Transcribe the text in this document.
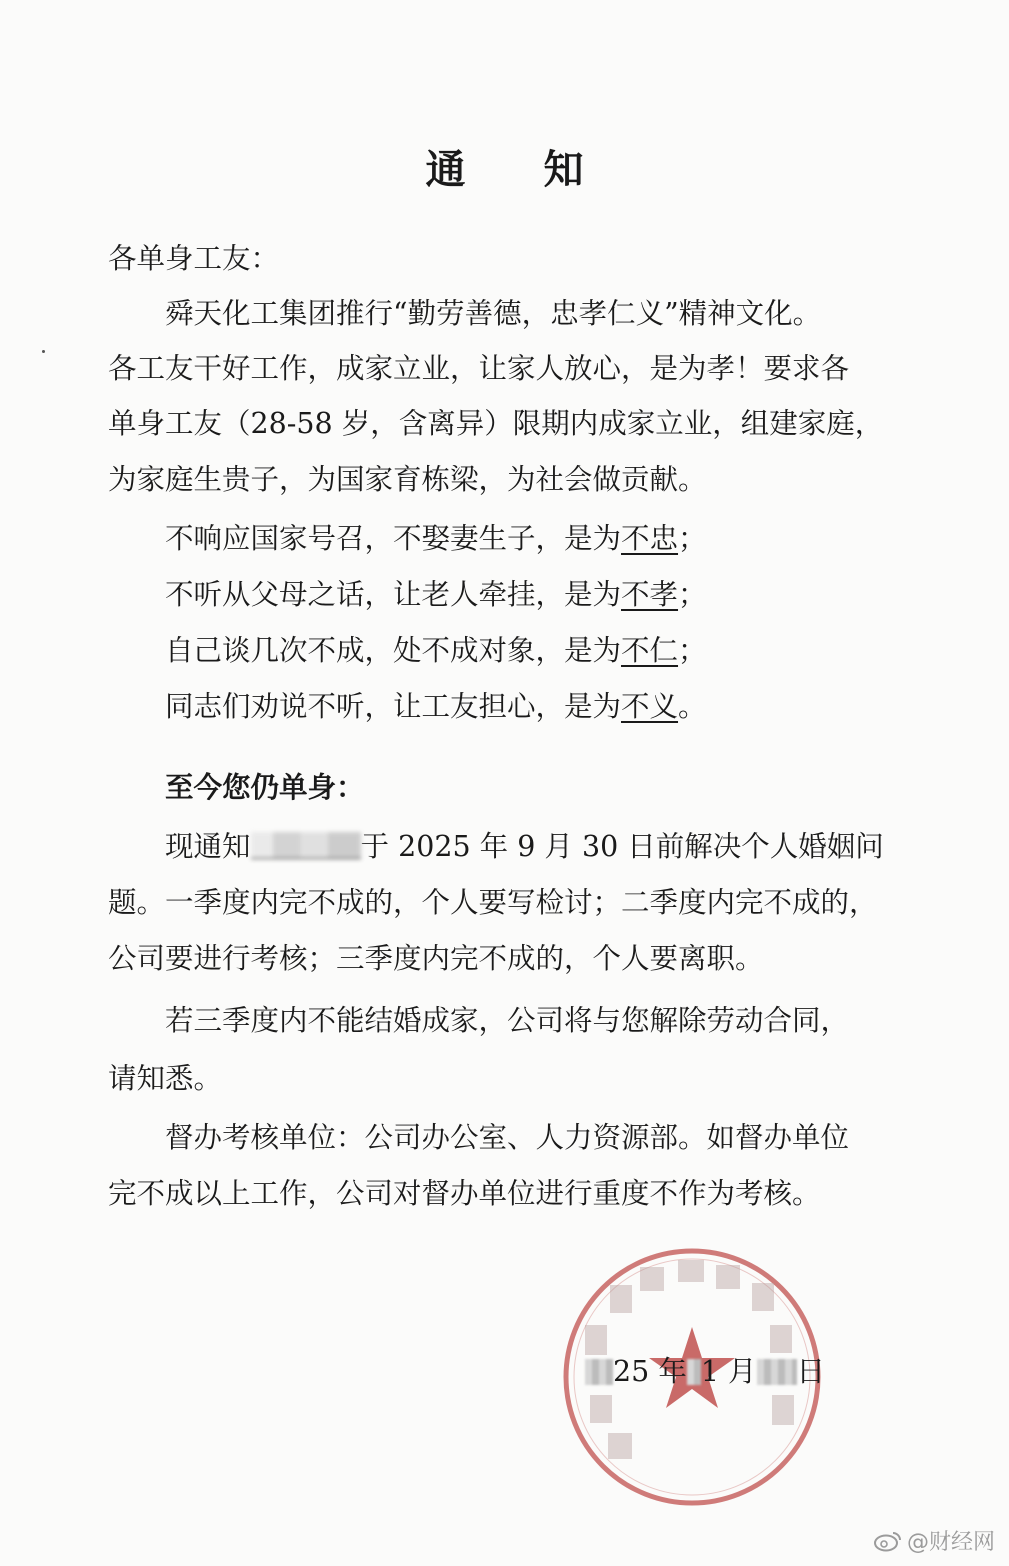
通 知
各单身工友：
舜天化工集团推行“勤劳善德，忠孝仁义”精神文化。
各工友干好工作，成家立业，让家人放心，是为孝！要求各
单身工友（28-58 岁，含离异）限期内成家立业，组建家庭，
为家庭生贵子，为国家育栋梁，为社会做贡献。
不响应国家号召，不娶妻生子，是为不忠；
不听从父母之话，让老人牵挂，是为不孝；
自己谈几次不成，处不成对象，是为不仁；
同志们劝说不听，让工友担心，是为不义。
至今您仍单身：
现通知	于 2025 年 9 月 30 日前解决个人婚姻问
题。一季度内完不成的，个人要写检讨；二季度内完不成的，
公司要进行考核；三季度内完不成的，个人要离职。
若三季度内不能结婚成家，公司将与您解除劳动合同，
请知悉。
督办考核单位：公司办公室、人力资源部。如督办单位
完不成以上工作，公司对督办单位进行重度不作为考核。
25 年 1 月 日
@财经网
